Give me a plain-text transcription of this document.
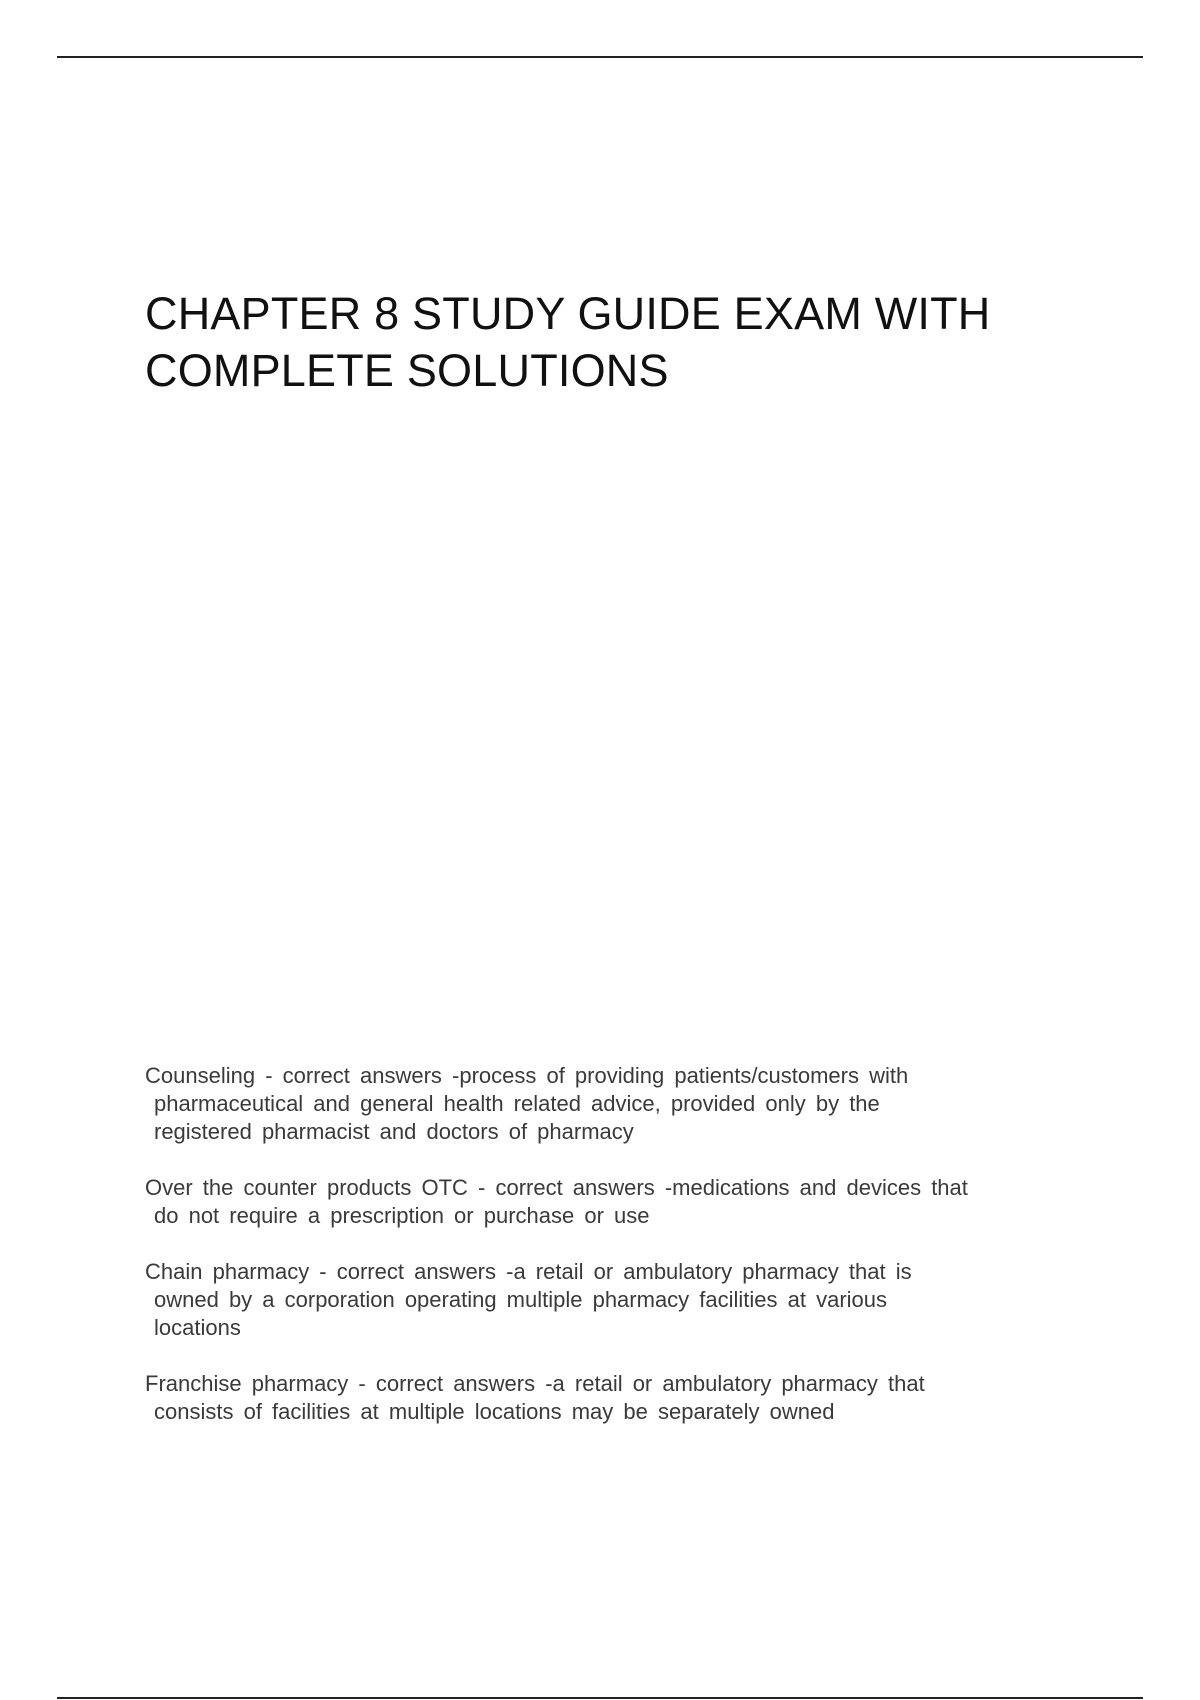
CHAPTER 8 STUDY GUIDE EXAM WITH
COMPLETE SOLUTIONS

Counseling - correct answers -process of providing patients/customers with
pharmaceutical and general health related advice, provided only by the
registered pharmacist and doctors of pharmacy

Over the counter products OTC - correct answers -medications and devices that
do not require a prescription or purchase or use

Chain pharmacy - correct answers -a retail or ambulatory pharmacy that is
owned by a corporation operating multiple pharmacy facilities at various
locations

Franchise pharmacy - correct answers -a retail or ambulatory pharmacy that
consists of facilities at multiple locations may be separately owned
